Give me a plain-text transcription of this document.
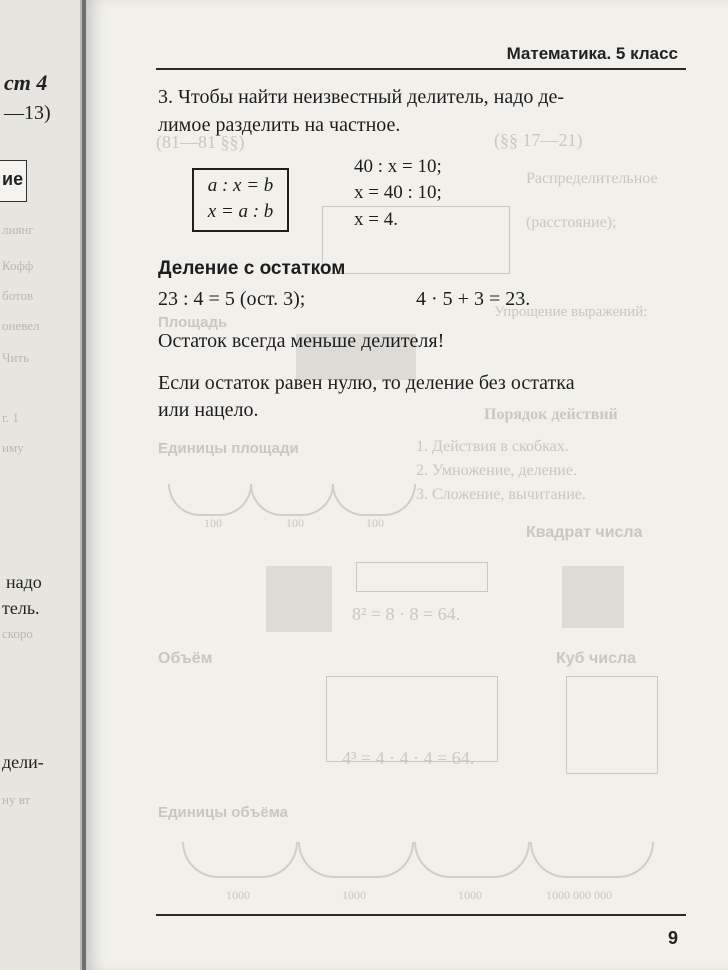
ст 4
—13)
ие
лиянг
Кофф
ботов
оневел
Чить
г. 1
иму
надо
тель.
скоро
дели-
ну вт
Математика. 5 класс
3. Чтобы найти неизвестный делитель, надо де-
лимое разделить на частное.
(§§ 17—21)
(81—81 §§)
a : x = b
x = a : b
40 : x = 10;
x = 40 : 10;
x = 4.
Распределительное
(расстояние);
Деление с остатком
23 : 4 = 5 (ост. 3);	4 · 5 + 3 = 23.
Площадь
Упрощение выражений:
Остаток всегда меньше делителя!
Если остаток равен нулю, то деление без остатка
или нацело.
Единицы площади
Порядок действий
1. Действия в скобках.
2. Умножение, деление.
3. Сложение, вычитание.
100	100	100
Квадрат числа
8² = 8 · 8 = 64.
Объём	Куб числа
4³ = 4 · 4 · 4 = 64.
Единицы объёма
1000	1000	1000	1000 000 000
9
